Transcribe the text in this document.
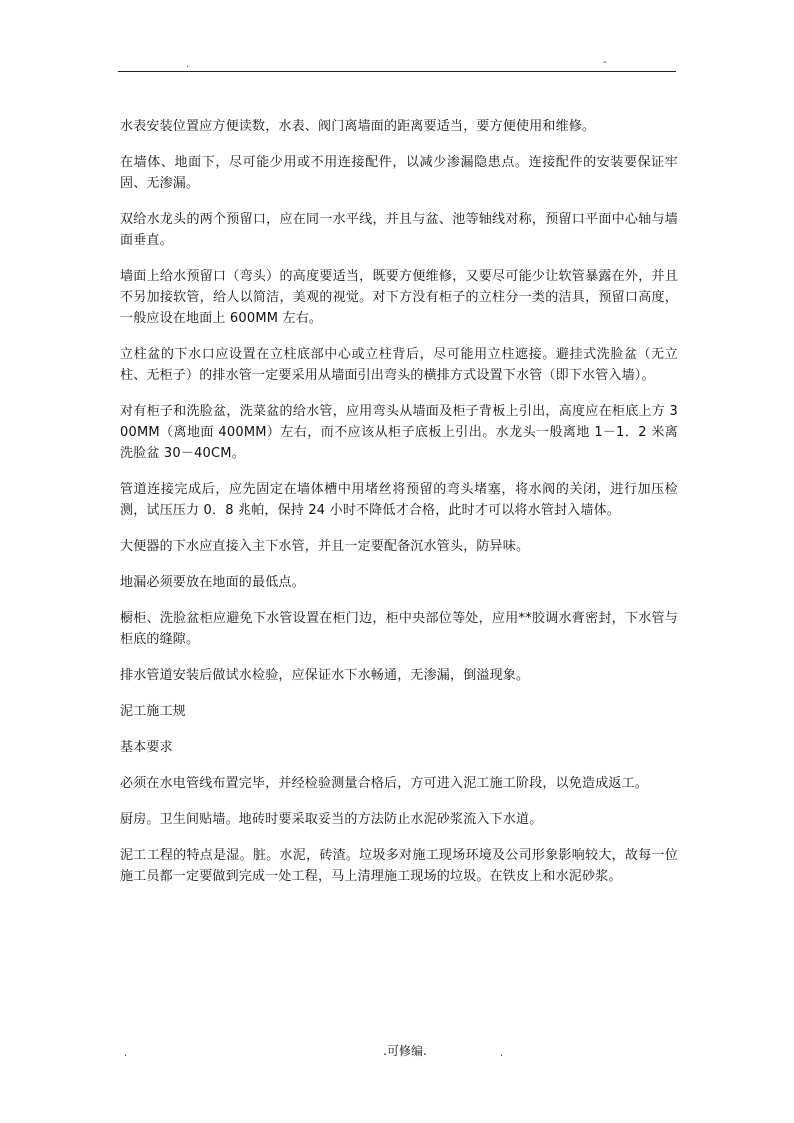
.	-

水表安装位置应方便读数，水表、阀门离墙面的距离要适当，要方便使用和维修。

在墙体、地面下，尽可能少用或不用连接配件，以减少渗漏隐患点。连接配件的安装要保证牢固、无渗漏。

双给水龙头的两个预留口，应在同一水平线，并且与盆、池等轴线对称，预留口平面中心轴与墙面垂直。

墙面上给水预留口（弯头）的高度要适当，既要方便维修，又要尽可能少让软管暴露在外，并且不另加接软管，给人以简洁，美观的视觉。对下方没有柜子的立柱分一类的洁具，预留口高度，一般应设在地面上 600MM 左右。

立柱盆的下水口应设置在立柱底部中心或立柱背后，尽可能用立柱遮接。避挂式洗脸盆（无立柱、无柜子）的排水管一定要采用从墙面引出弯头的横排方式设置下水管（即下水管入墙）。

对有柜子和洗脸盆，洗菜盆的给水管，应用弯头从墙面及柜子背板上引出，高度应在柜底上方 300MM（离地面 400MM）左右，而不应该从柜子底板上引出。水龙头一般离地 1－1．2 米离洗脸盆 30－40CM。

管道连接完成后，应先固定在墙体槽中用堵丝将预留的弯头堵塞，将水阀的关闭，进行加压检测，试压压力 0．8 兆帕，保持 24 小时不降低才合格，此时才可以将水管封入墙体。

大便器的下水应直接入主下水管，并且一定要配备沉水管头，防异味。

地漏必须要放在地面的最低点。

橱柜、洗脸盆柜应避免下水管设置在柜门边，柜中央部位等处，应用**胶调水膏密封，下水管与柜底的缝隙。

排水管道安装后做试水检验，应保证水下水畅通，无渗漏，倒溢现象。

泥工施工规

基本要求

必须在水电管线布置完毕，并经检验测量合格后，方可进入泥工施工阶段，以免造成返工。

厨房。卫生间贴墙。地砖时要采取妥当的方法防止水泥砂浆流入下水道。

泥工工程的特点是湿。脏。水泥，砖渣。垃圾多对施工现场环境及公司形象影响较大，故每一位施工员都一定要做到完成一处工程，马上清理施工现场的垃圾。在铁皮上和水泥砂浆。

.	.可修编.	.
